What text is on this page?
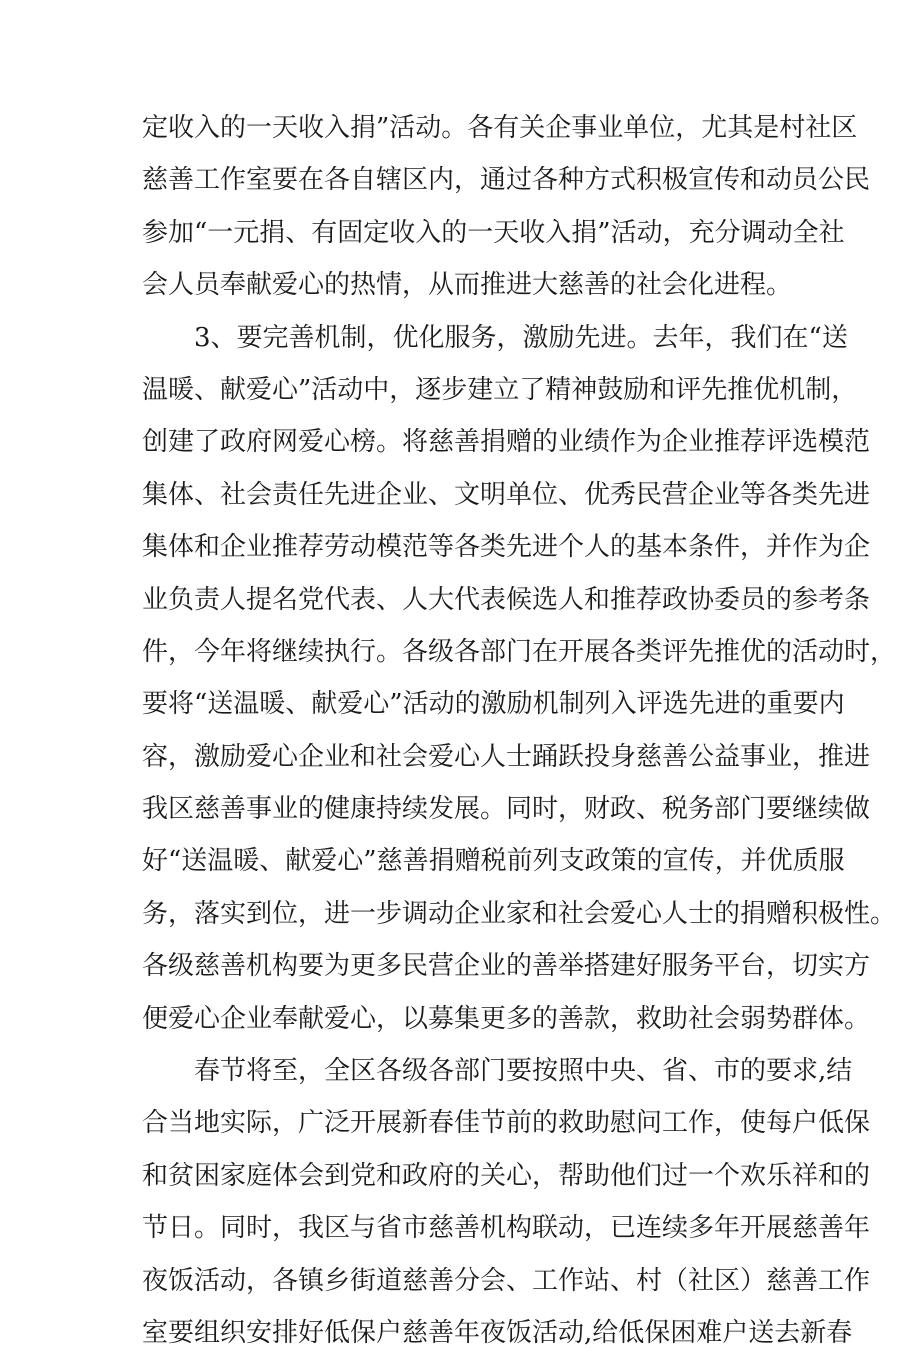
定收入的一天收入捐”活动。各有关企事业单位，尤其是村社区
慈善工作室要在各自辖区内，通过各种方式积极宣传和动员公民
参加“一元捐、有固定收入的一天收入捐”活动，充分调动全社
会人员奉献爱心的热情，从而推进大慈善的社会化进程。
3、要完善机制，优化服务，激励先进。去年，我们在“送
温暖、献爱心”活动中，逐步建立了精神鼓励和评先推优机制，
创建了政府网爱心榜。将慈善捐赠的业绩作为企业推荐评选模范
集体、社会责任先进企业、文明单位、优秀民营企业等各类先进
集体和企业推荐劳动模范等各类先进个人的基本条件，并作为企
业负责人提名党代表、人大代表候选人和推荐政协委员的参考条
件，今年将继续执行。各级各部门在开展各类评先推优的活动时，
要将“送温暖、献爱心”活动的激励机制列入评选先进的重要内
容，激励爱心企业和社会爱心人士踊跃投身慈善公益事业，推进
我区慈善事业的健康持续发展。同时，财政、税务部门要继续做
好“送温暖、献爱心”慈善捐赠税前列支政策的宣传，并优质服
务，落实到位，进一步调动企业家和社会爱心人士的捐赠积极性。
各级慈善机构要为更多民营企业的善举搭建好服务平台，切实方
便爱心企业奉献爱心，以募集更多的善款，救助社会弱势群体。
春节将至，全区各级各部门要按照中央、省、市的要求,结
合当地实际，广泛开展新春佳节前的救助慰问工作，使每户低保
和贫困家庭体会到党和政府的关心，帮助他们过一个欢乐祥和的
节日。同时，我区与省市慈善机构联动，已连续多年开展慈善年
夜饭活动，各镇乡街道慈善分会、工作站、村（社区）慈善工作
室要组织安排好低保户慈善年夜饭活动,给低保困难户送去新春
